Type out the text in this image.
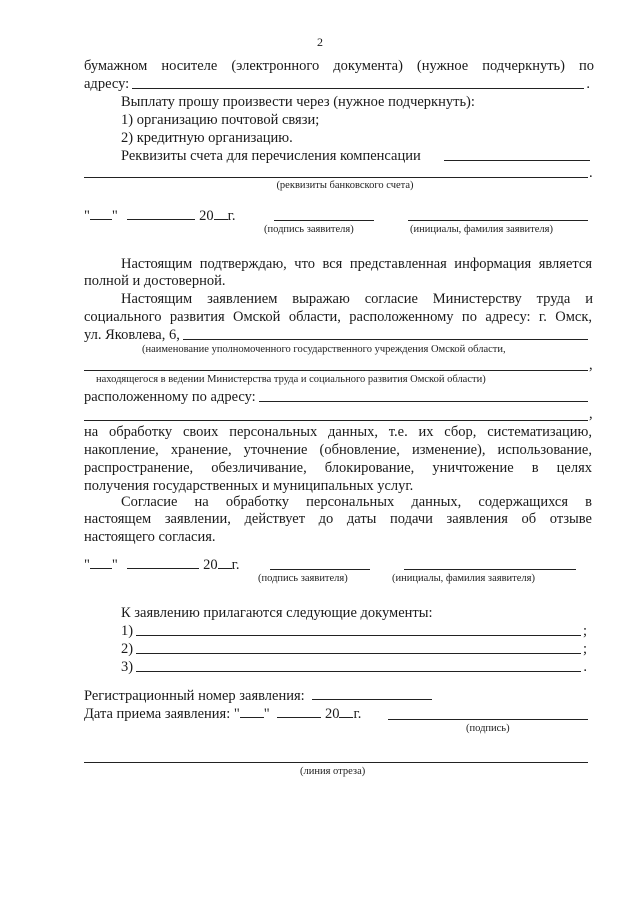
2
бумажном носителе (электронного документа) (нужное подчеркнуть) по
адресу:	.
Выплату прошу произвести через (нужное подчеркнуть):
1) организацию почтовой связи;
2) кредитную организацию.
Реквизиты счета для перечисления компенсации
.
(реквизиты банковского счета)
" "	20 г.
(подпись заявителя)	(инициалы, фамилия заявителя)
Настоящим подтверждаю, что вся представленная информация является
полной и достоверной.
Настоящим заявлением выражаю согласие Министерству труда и
социального развития Омской области, расположенному по адресу: г. Омск,
ул. Яковлева, 6,
(наименование уполномоченного государственного учреждения Омской области,
,
находящегося в ведении Министерства труда и социального развития Омской области)
расположенному по адресу:
,
на обработку своих персональных данных, т.е. их сбор, систематизацию,
накопление, хранение, уточнение (обновление, изменение), использование,
распространение, обезличивание, блокирование, уничтожение в целях
получения государственных и муниципальных услуг.
Согласие на обработку персональных данных, содержащихся в
настоящем заявлении, действует до даты подачи заявления об отзыве
настоящего согласия.
" "	20 г.
(подпись заявителя)	(инициалы, фамилия заявителя)
К заявлению прилагаются следующие документы:
1)	;
2)	;
3)	.
Регистрационный номер заявления:
Дата приема заявления: " "	20 г.
(подпись)
(линия отреза)
